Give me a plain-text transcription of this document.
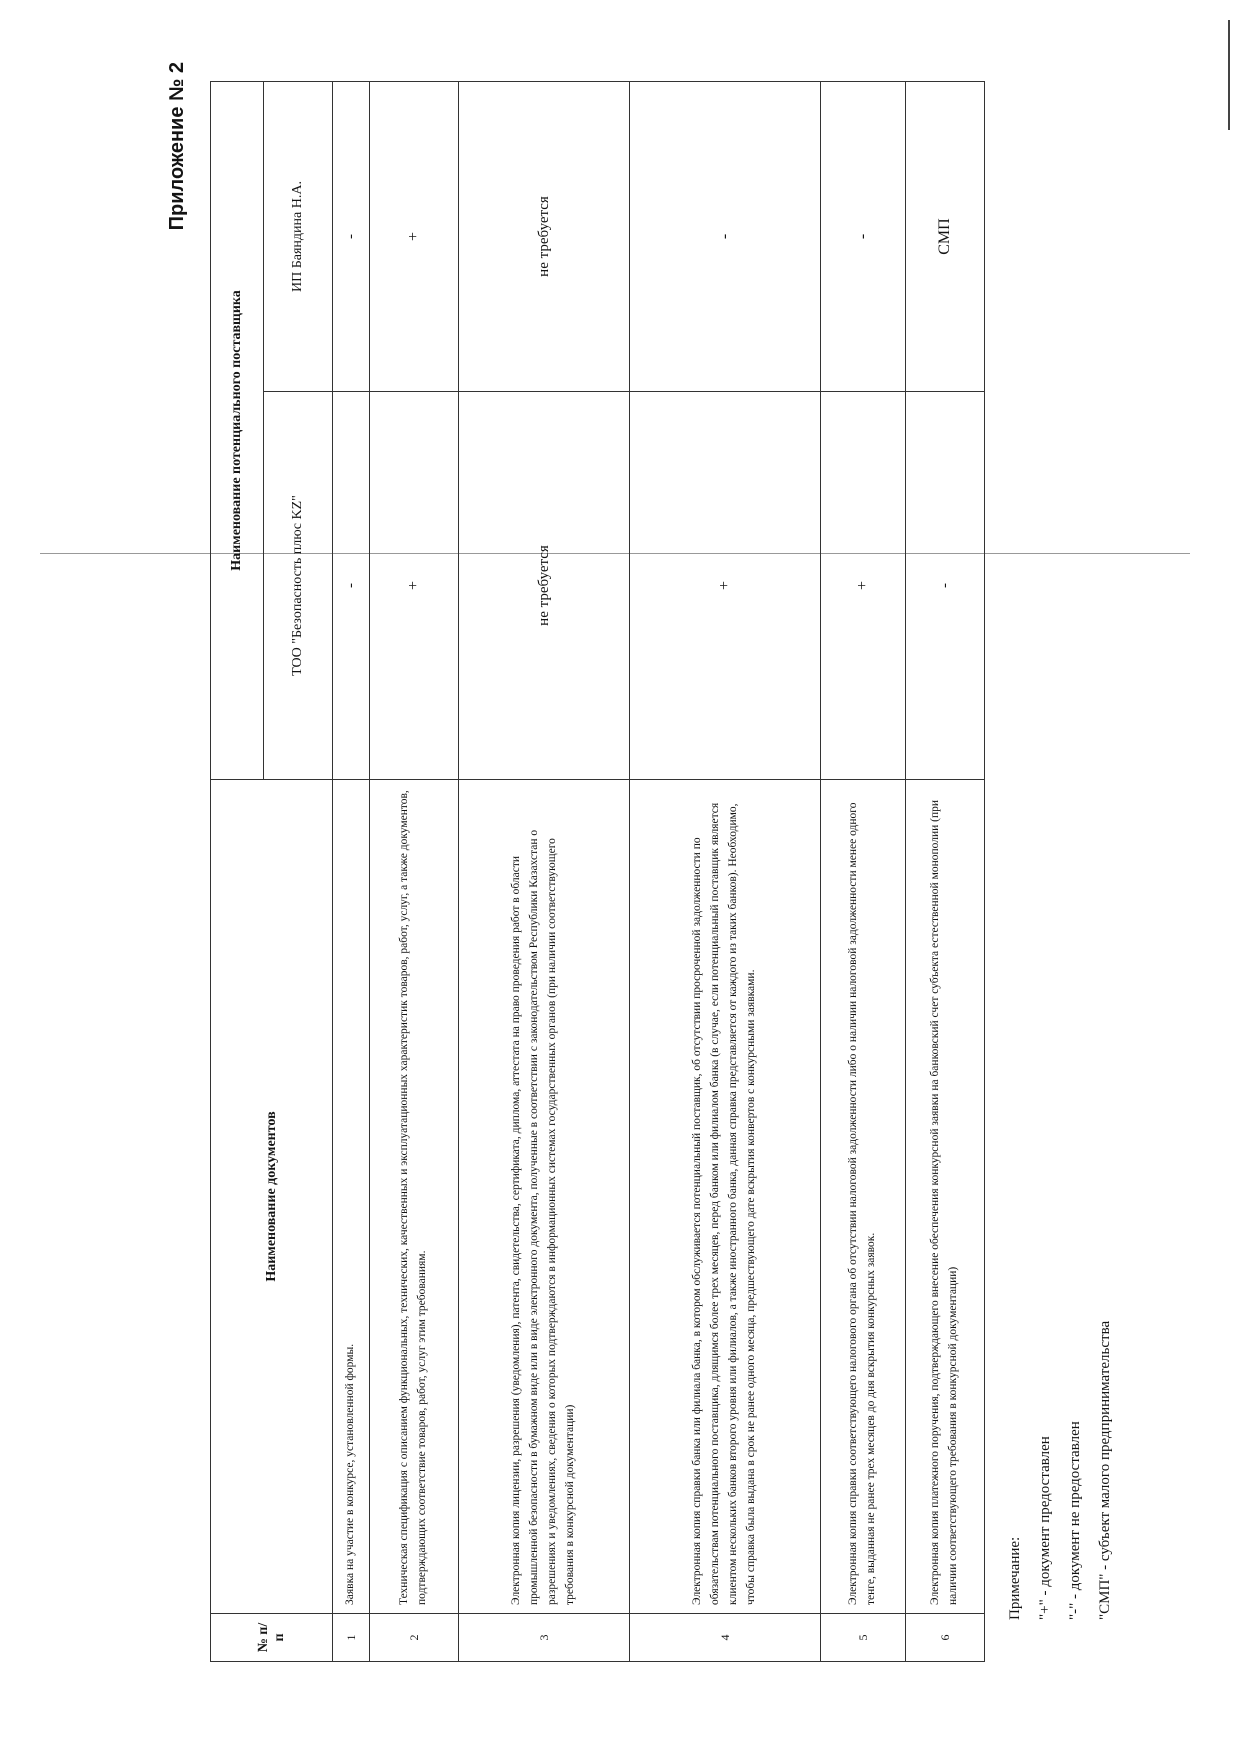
Приложение № 2
№ п/п	Наименование документов	Наименование потенциального поставщика	
		ТОО "Безопасность плюс KZ"	ИП Баяндина Н.А.
1	Заявка на участие в конкурсе, установленной формы.	-	-
2	Техническая спецификация с описанием функциональных, технических, качественных и эксплуатационных характеристик товаров, работ, услуг, а также документов, подтверждающих соответствие товаров, работ, услуг этим требованиям.	+	+
3	Электронная копия лицензии, разрешения (уведомления), патента, свидетельства, сертификата, диплома, аттестата на право проведения работ в области промышленной безопасности в бумажном виде или в виде электронного документа, полученные в соответствии с законодательством Республики Казахстан о разрешениях и уведомлениях, сведения о которых подтверждаются в информационных системах государственных органов (при наличии соответствующего требования в конкурсной документации)	не требуется	не требуется
4	Электронная копия справки банка или филиала банка, в котором обслуживается потенциальный поставщик, об отсутствии просроченной задолженности по обязательствам потенциального поставщика, длящимся более трех месяцев, перед банком или филиалом банка (в случае, если потенциальный поставщик является клиентом нескольких банков второго уровня или филиалов, а также иностранного банка, данная справка представляется от каждого из таких банков). Необходимо, чтобы справка была выдана в срок не ранее одного месяца, предшествующего дате вскрытия конвертов с конкурсными заявками.	+	-
5	Электронная копия справки соответствующего налогового органа об отсутствии налоговой задолженности либо о наличии налоговой задолженности менее одного тенге, выданная не ранее трех месяцев до дня вскрытия конкурсных заявок.	+	-
6	Электронная копия платежного поручения, подтверждающего внесение обеспечения конкурсной заявки на банковский счет субъекта естественной монополии (при наличии соответствующего требования в конкурсной документации)	-	СМП
Примечание: "+" - документ предоставлен "-" - документ не предоставлен "СМП" - субъект малого предпринимательства
